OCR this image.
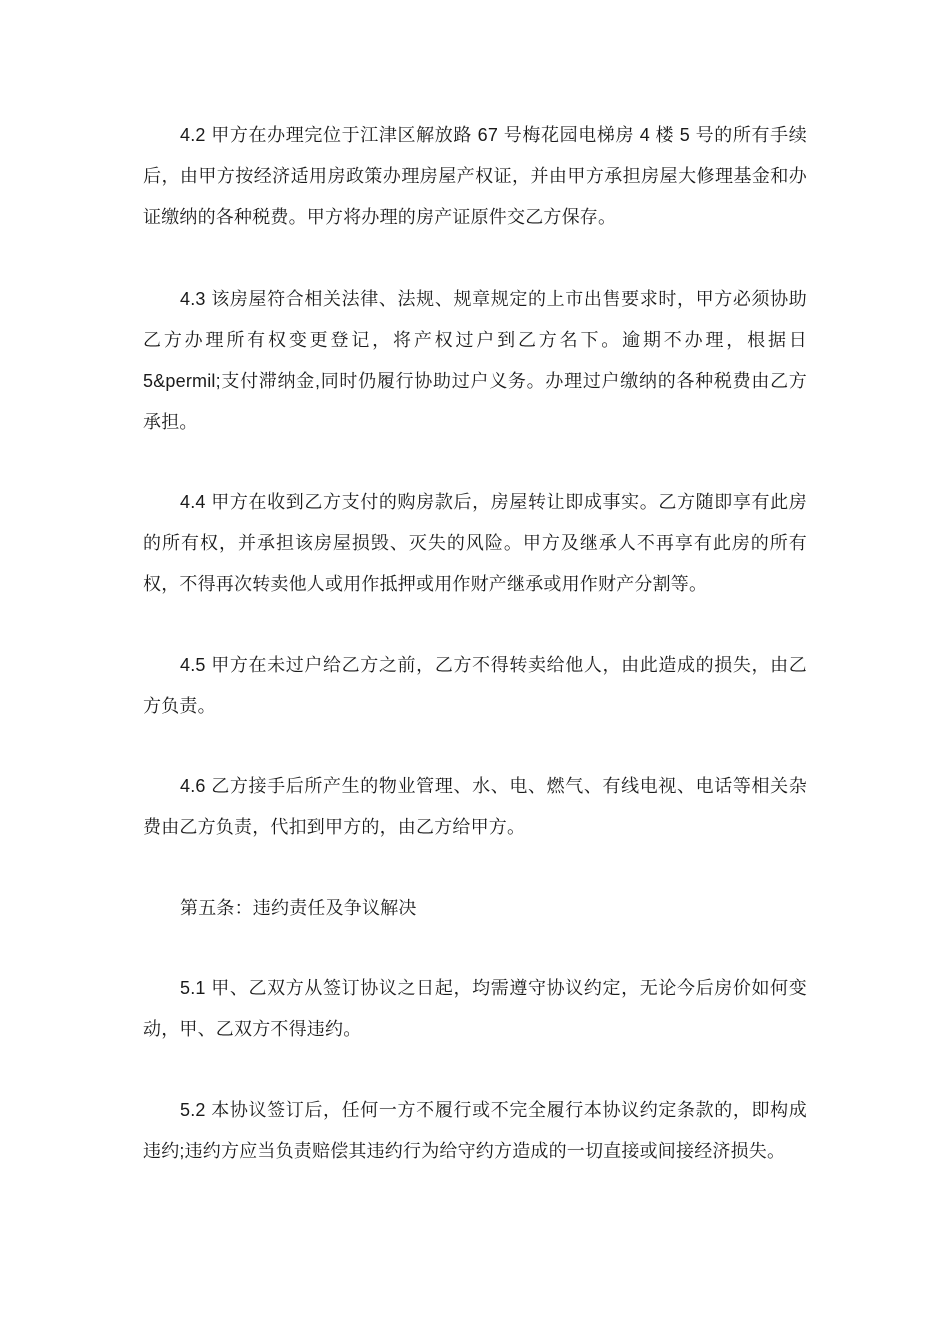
4.2 甲方在办理完位于江津区解放路 67 号梅花园电梯房 4 楼 5 号的所有手续后，由甲方按经济适用房政策办理房屋产权证，并由甲方承担房屋大修理基金和办证缴纳的各种税费。甲方将办理的房产证原件交乙方保存。

4.3 该房屋符合相关法律、法规、规章规定的上市出售要求时，甲方必须协助乙方办理所有权变更登记，将产权过户到乙方名下。逾期不办理，根据日 5&permil;支付滞纳金,同时仍履行协助过户义务。办理过户缴纳的各种税费由乙方承担。

4.4 甲方在收到乙方支付的购房款后，房屋转让即成事实。乙方随即享有此房的所有权，并承担该房屋损毁、灭失的风险。甲方及继承人不再享有此房的所有权，不得再次转卖他人或用作抵押或用作财产继承或用作财产分割等。

4.5 甲方在未过户给乙方之前，乙方不得转卖给他人，由此造成的损失，由乙方负责。

4.6 乙方接手后所产生的物业管理、水、电、燃气、有线电视、电话等相关杂费由乙方负责，代扣到甲方的，由乙方给甲方。

第五条：违约责任及争议解决

5.1 甲、乙双方从签订协议之日起，均需遵守协议约定，无论今后房价如何变动，甲、乙双方不得违约。

5.2 本协议签订后，任何一方不履行或不完全履行本协议约定条款的，即构成违约;违约方应当负责赔偿其违约行为给守约方造成的一切直接或间接经济损失。
